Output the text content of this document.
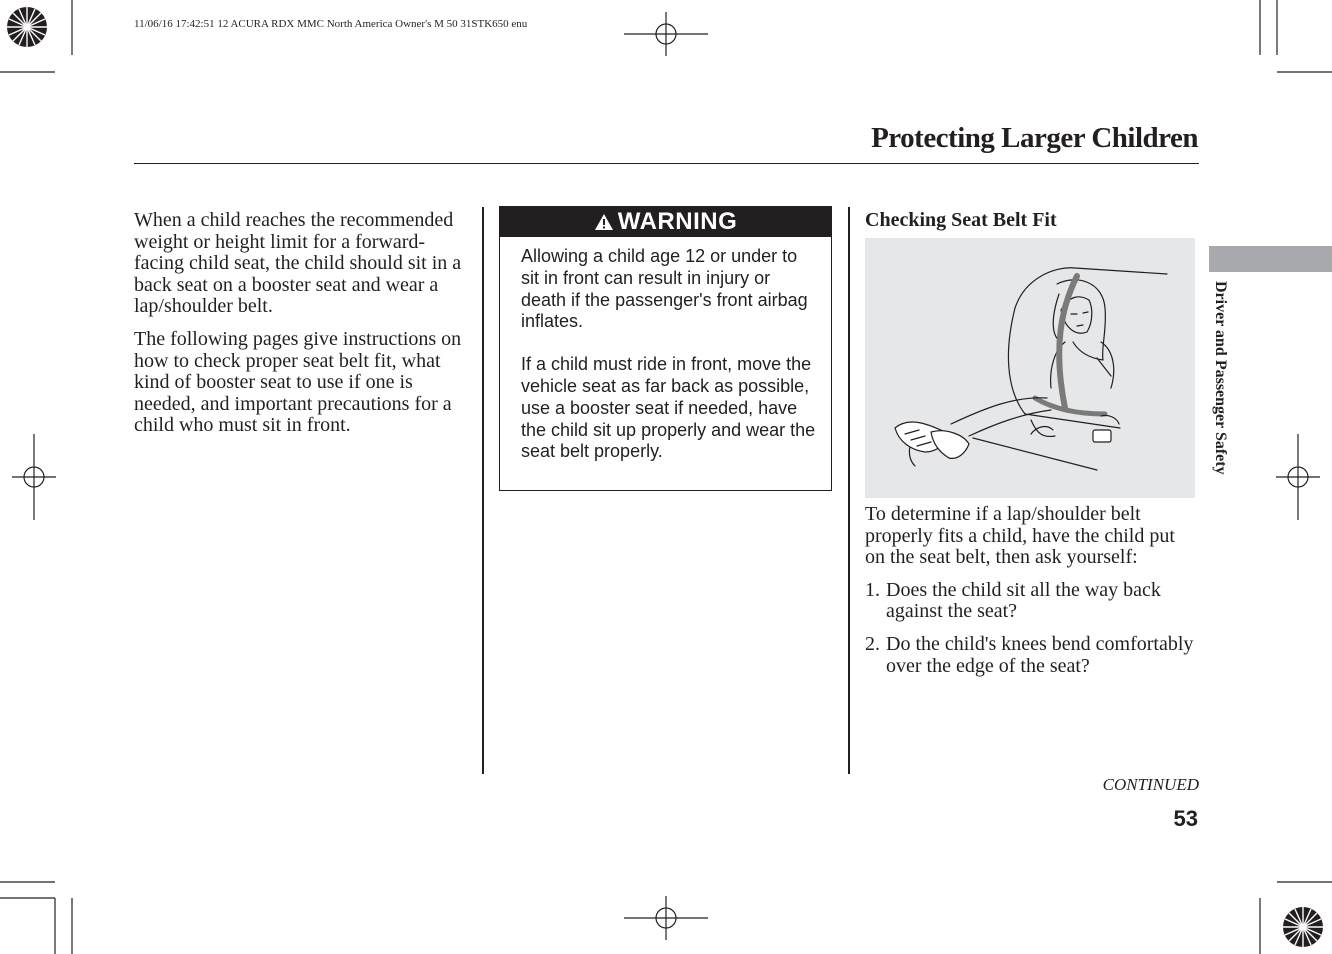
11/06/16 17:42:51 12 ACURA RDX MMC North America Owner's M 50 31STK650 enu
Protecting Larger Children

When a child reaches the recommended weight or height limit for a forward-facing child seat, the child should sit in a back seat on a booster seat and wear a lap/shoulder belt.

The following pages give instructions on how to check proper seat belt fit, what kind of booster seat to use if one is needed, and important precautions for a child who must sit in front.

WARNING

Allowing a child age 12 or under to sit in front can result in injury or death if the passenger's front airbag inflates.

If a child must ride in front, move the vehicle seat as far back as possible, use a booster seat if needed, have the child sit up properly and wear the seat belt properly.

Checking Seat Belt Fit

To determine if a lap/shoulder belt properly fits a child, have the child put on the seat belt, then ask yourself:

1. Does the child sit all the way back against the seat?
2. Do the child's knees bend comfortably over the edge of the seat?
CONTINUED
53
Driver and Passenger Safety
